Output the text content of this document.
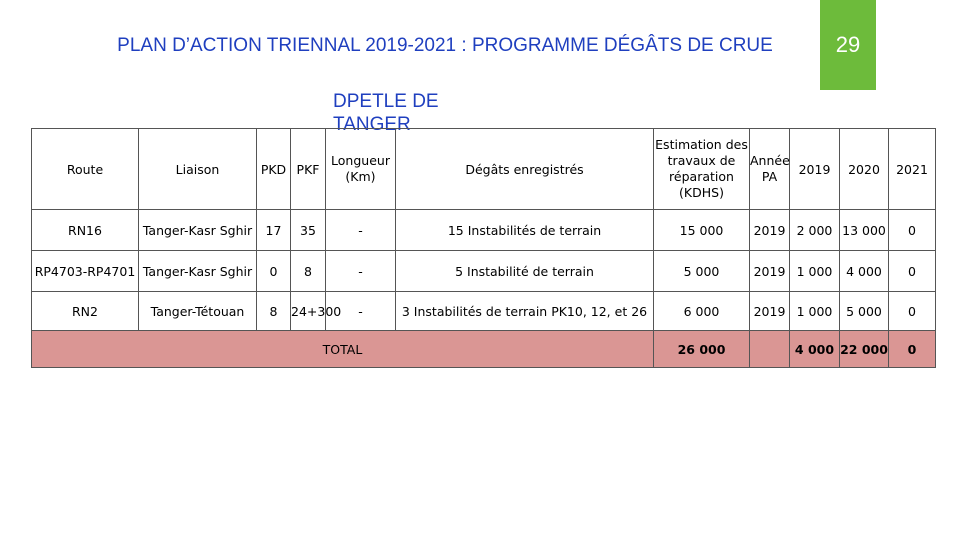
PLAN D’ACTION TRIENNAL 2019-2021 : PROGRAMME DÉGÂTS DE CRUE
DPETLE DE TANGER
29
Route	Liaison	PKD	PKF	Longueur (Km)	Dégâts enregistrés	Estimation des travaux de réparation (KDHS)	Année PA	2019	2020	2021
RN16	Tanger-Kasr Sghir	17	35	-	15 Instabilités de terrain	15 000	2019	2 000	13 000	0
RP4703-RP4701	Tanger-Kasr Sghir	0	8	-	5 Instabilité de terrain	5 000	2019	1 000	4 000	0
RN2	Tanger-Tétouan	8	24+300	-	3 Instabilités de terrain PK10, 12, et 26	6 000	2019	1 000	5 000	0
TOTAL						26 000		4 000	22 000	0
